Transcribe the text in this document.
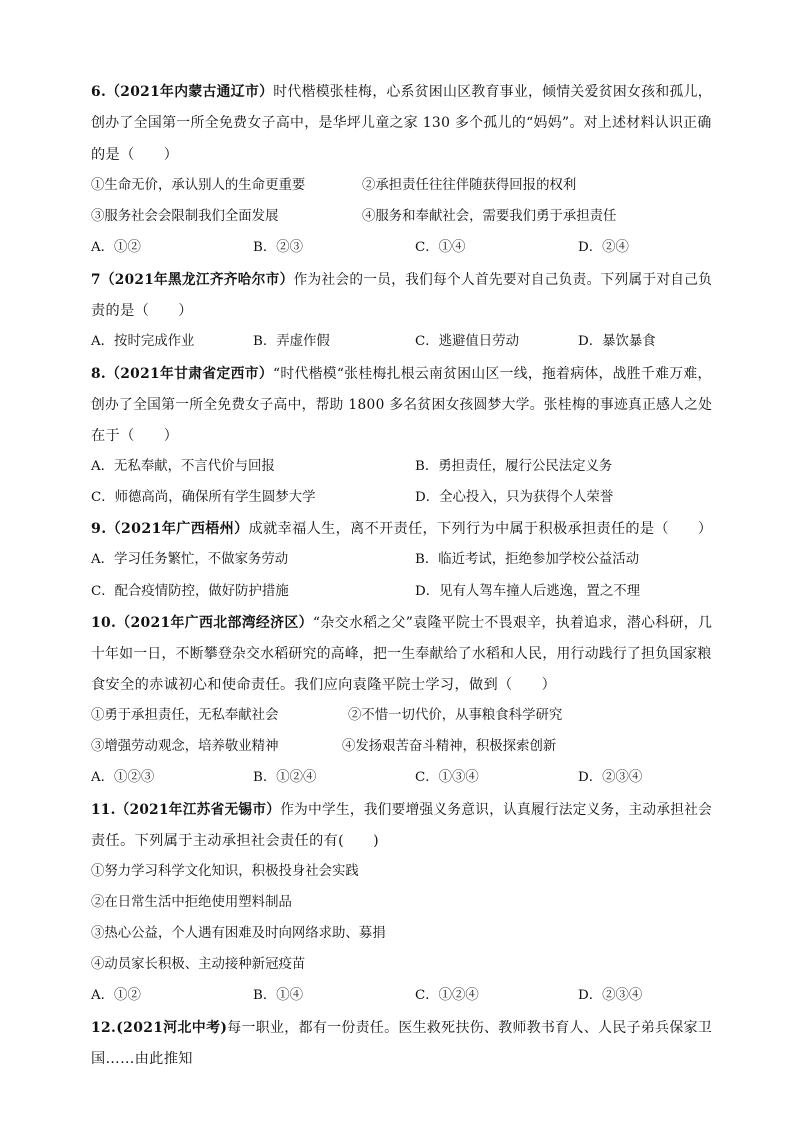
6.（2021年内蒙古通辽市）时代楷模张桂梅，心系贫困山区教育事业，倾情关爱贫困女孩和孤儿，
创办了全国第一所全免费女子高中，是华坪儿童之家 130 多个孤儿的“妈妈”。对上述材料认识正确
的是（　　）
①生命无价，承认别人的生命更重要	②承担责任往往伴随获得回报的权利
③服务社会会限制我们全面发展	④服务和奉献社会，需要我们勇于承担责任
A．①②	B．②③	C．①④	D．②④
7（2021年黑龙江齐齐哈尔市）作为社会的一员，我们每个人首先要对自己负责。下列属于对自己负
责的是（　　）
A．按时完成作业	B．弄虚作假	C．逃避值日劳动	D．暴饮暴食
8.（2021年甘肃省定西市）“时代楷模“张桂梅扎根云南贫困山区一线，拖着病体，战胜千难万难，
创办了全国第一所全免费女子高中，帮助 1800 多名贫困女孩圆梦大学。张桂梅的事迹真正感人之处
在于（　　）
A．无私奉献，不言代价与回报	B．勇担责任，履行公民法定义务
C．师德高尚，确保所有学生圆梦大学	D．全心投入，只为获得个人荣誉
9.（2021年广西梧州）成就幸福人生，离不开责任，下列行为中属于积极承担责任的是（　　）
A．学习任务繁忙，不做家务劳动	B．临近考试，拒绝参加学校公益活动
C．配合疫情防控，做好防护措施	D．见有人驾车撞人后逃逸，置之不理
10.（2021年广西北部湾经济区）“杂交水稻之父”袁隆平院士不畏艰辛，执着追求，潜心科研，几
十年如一日，不断攀登杂交水稻研究的高峰，把一生奉献给了水稻和人民，用行动践行了担负国家粮
食安全的赤诚初心和使命责任。我们应向袁隆平院士学习，做到（　　）
①勇于承担责任，无私奉献社会	②不惜一切代价，从事粮食科学研究
③增强劳动观念，培养敬业精神	④发扬艰苦奋斗精神，积极探索创新
A．①②③	B．①②④	C．①③④	D．②③④
11.（2021年江苏省无锡市）作为中学生，我们要增强义务意识，认真履行法定义务，主动承担社会
责任。下列属于主动承担社会责任的有(　　)
①努力学习科学文化知识，积极投身社会实践
②在日常生活中拒绝使用塑料制品
③热心公益，个人遇有困难及时向网络求助、募捐
④动员家长积极、主动接种新冠疫苗
A．①②	B．①④	C．①②④	D．②③④
12.(2021河北中考)每一职业，都有一份责任。医生救死扶伤、教师教书育人、人民子弟兵保家卫
国……由此推知
